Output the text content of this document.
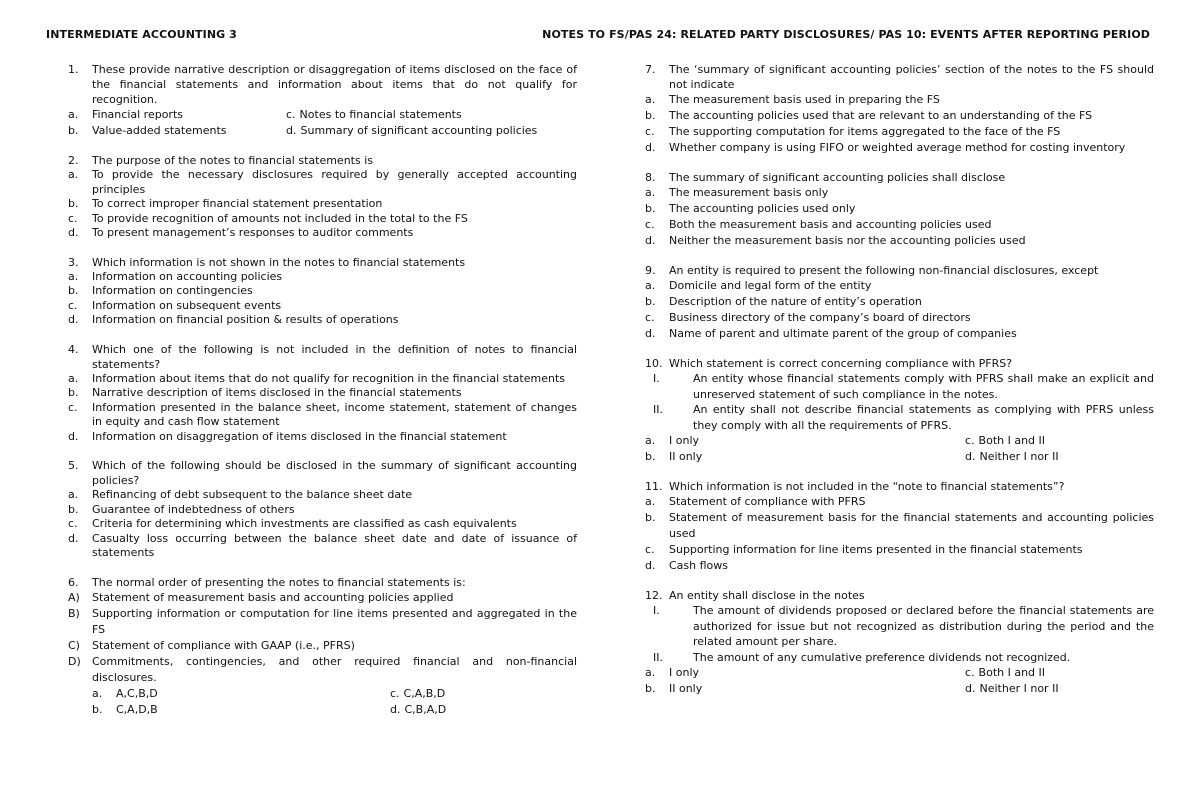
INTERMEDIATE ACCOUNTING 3	NOTES TO FS/PAS 24: RELATED PARTY DISCLOSURES/ PAS 10: EVENTS AFTER REPORTING PERIOD
1.	These provide narrative description or disaggregation of items disclosed on the face of the financial statements and information about items that do not qualify for recognition.
a.	Financial reports	c. Notes to financial statements
b.	Value-added statements	d. Summary of significant accounting policies
2.	The purpose of the notes to financial statements is
a.	To provide the necessary disclosures required by generally accepted accounting principles
b.	To correct improper financial statement presentation
c.	To provide recognition of amounts not included in the total to the FS
d.	To present management’s responses to auditor comments
3.	Which information is not shown in the notes to financial statements
a.	Information on accounting policies
b.	Information on contingencies
c.	Information on subsequent events
d.	Information on financial position & results of operations
4.	Which one of the following is not included in the definition of notes to financial statements?
a.	Information about items that do not qualify for recognition in the financial statements
b.	Narrative description of items disclosed in the financial statements
c.	Information presented in the balance sheet, income statement, statement of changes in equity and cash flow statement
d.	Information on disaggregation of items disclosed in the financial statement
5.	Which of the following should be disclosed in the summary of significant accounting policies?
a.	Refinancing of debt subsequent to the balance sheet date
b.	Guarantee of indebtedness of others
c.	Criteria for determining which investments are classified as cash equivalents
d.	Casualty loss occurring between the balance sheet date and date of issuance of statements
6.	The normal order of presenting the notes to financial statements is:
A)	Statement of measurement basis and accounting policies applied
B)	Supporting information or computation for line items presented and aggregated in the FS
C)	Statement of compliance with GAAP (i.e., PFRS)
D)	Commitments, contingencies, and other required financial and non-financial disclosures.
a.	A,C,B,D	c. C,A,B,D
b.	C,A,D,B	d. C,B,A,D
7.	The ‘summary of significant accounting policies’ section of the notes to the FS should not indicate
a.	The measurement basis used in preparing the FS
b.	The accounting policies used that are relevant to an understanding of the FS
c.	The supporting computation for items aggregated to the face of the FS
d.	Whether company is using FIFO or weighted average method for costing inventory
8.	The summary of significant accounting policies shall disclose
a.	The measurement basis only
b.	The accounting policies used only
c.	Both the measurement basis and accounting policies used
d.	Neither the measurement basis nor the accounting policies used
9.	An entity is required to present the following non-financial disclosures, except
a.	Domicile and legal form of the entity
b.	Description of the nature of entity’s operation
c.	Business directory of the company’s board of directors
d.	Name of parent and ultimate parent of the group of companies
10. Which statement is correct concerning compliance with PFRS?
I.	An entity whose financial statements comply with PFRS shall make an explicit and unreserved statement of such compliance in the notes.
II.	An entity shall not describe financial statements as complying with PFRS unless they comply with all the requirements of PFRS.
a.	I only	c. Both I and II
b.	II only	d. Neither I nor II
11. Which information is not included in the “note to financial statements”?
a.	Statement of compliance with PFRS
b.	Statement of measurement basis for the financial statements and accounting policies used
c.	Supporting information for line items presented in the financial statements
d.	Cash flows
12. An entity shall disclose in the notes
I.	The amount of dividends proposed or declared before the financial statements are authorized for issue but not recognized as distribution during the period and the related amount per share.
II.	The amount of any cumulative preference dividends not recognized.
a.	I only	c. Both I and II
b.	II only	d. Neither I nor II
